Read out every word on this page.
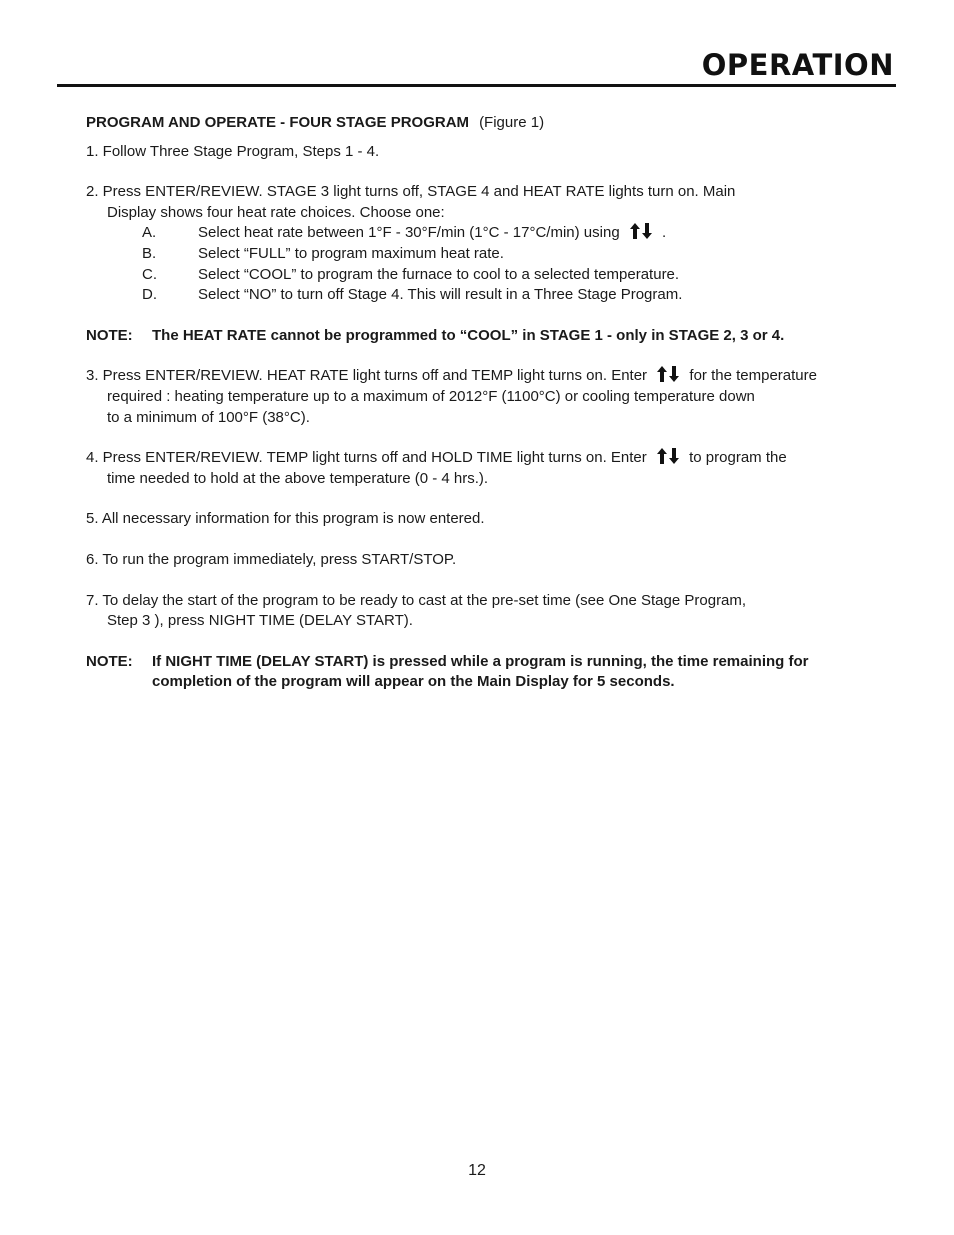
OPERATION

PROGRAM AND OPERATE - FOUR STAGE PROGRAM (Figure 1)

1. Follow Three Stage Program, Steps 1 - 4.

2. Press ENTER/REVIEW. STAGE 3 light turns off, STAGE 4 and HEAT RATE lights turn on. Main

Display shows four heat rate choices. Choose one:

A.	Select heat rate between 1°F - 30°F/min (1°C - 17°C/min) using	.
B.	Select “FULL” to program maximum heat rate.
C.	Select “COOL” to program the furnace to cool to a selected temperature.
D.	Select “NO” to turn off Stage 4. This will result in a Three Stage Program.
NOTE:	The HEAT RATE cannot be programmed to “COOL” in STAGE 1 - only in STAGE 2, 3 or 4.

3. Press ENTER/REVIEW. HEAT RATE light turns off and TEMP light turns on. Enter	for the temperature

required : heating temperature up to a maximum of 2012°F (1100°C) or cooling temperature down

to a minimum of 100°F (38°C).

4. Press ENTER/REVIEW. TEMP light turns off and HOLD TIME light turns on. Enter	to program the

time needed to hold at the above temperature (0 - 4 hrs.).

5. All necessary information for this program is now entered.

6. To run the program immediately, press START/STOP.

7. To delay the start of the program to be ready to cast at the pre-set time (see One Stage Program,

Step 3 ), press NIGHT TIME (DELAY START).

NOTE:	If NIGHT TIME (DELAY START) is pressed while a program is running, the time remaining for completion of the program will appear on the Main Display for 5 seconds.
12
